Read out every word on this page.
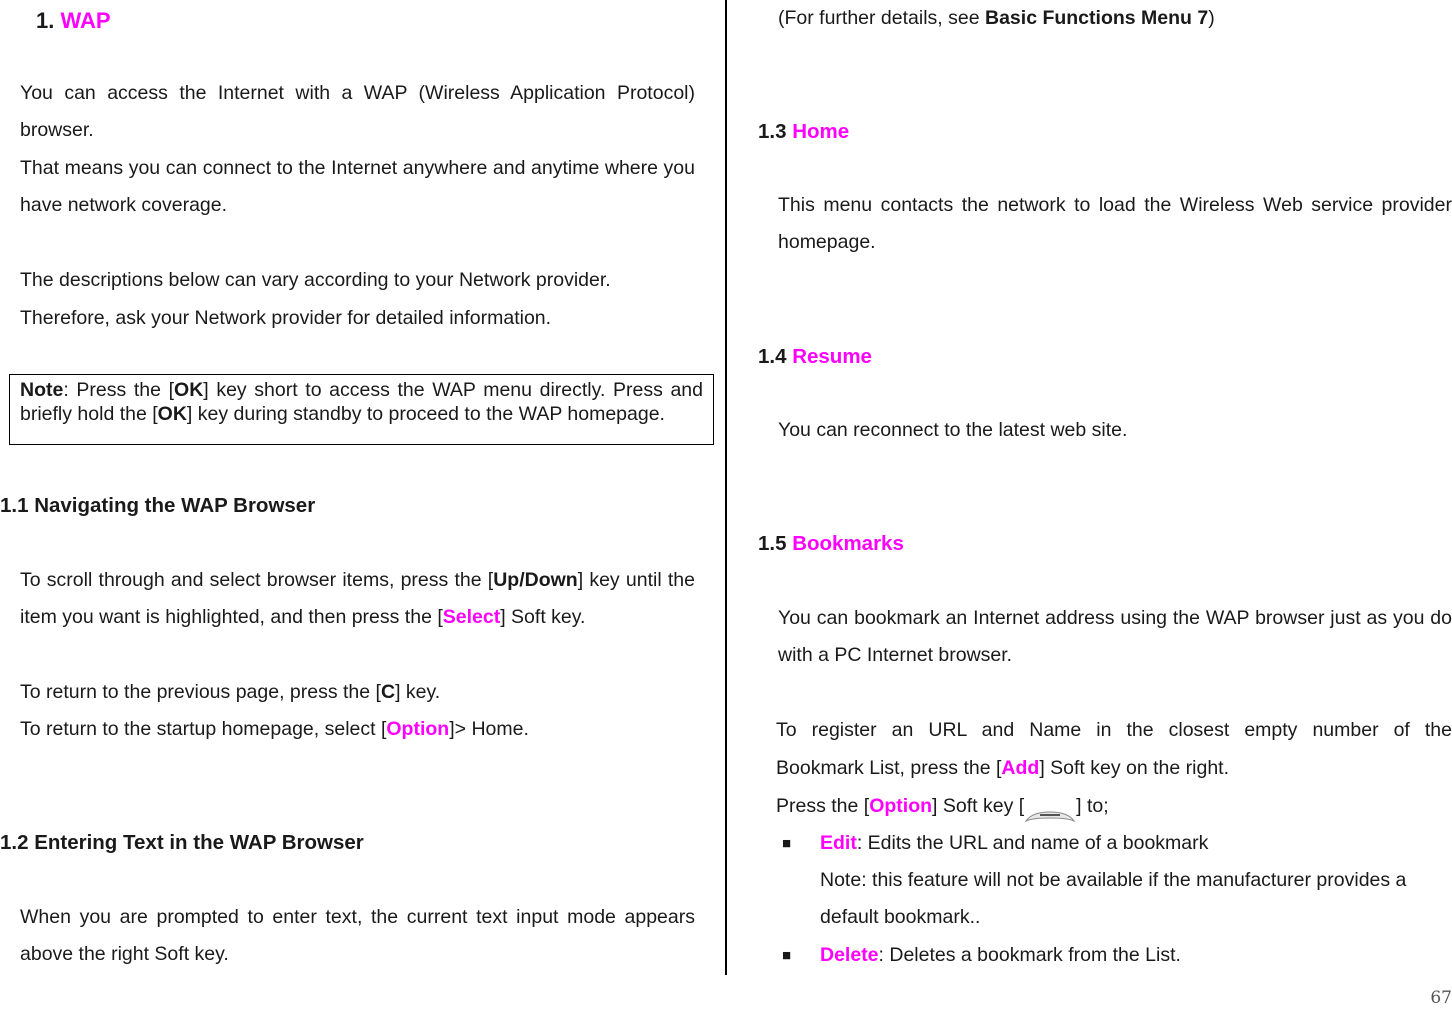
1. WAP

You can access the Internet with a WAP (Wireless Application Protocol) browser.

That means you can connect to the Internet anywhere and anytime where you have network coverage.

The descriptions below can vary according to your Network provider.

Therefore, ask your Network provider for detailed information.

Note: Press the [OK] key short to access the WAP menu directly. Press and briefly hold the [OK] key during standby to proceed to the WAP homepage.
1.1 Navigating the WAP Browser

To scroll through and select browser items, press the [Up/Down] key until the item you want is highlighted, and then press the [Select] Soft key.

To return to the previous page, press the [C] key.

To return to the startup homepage, select [Option]> Home.

1.2 Entering Text in the WAP Browser

When you are prompted to enter text, the current text input mode appears above the right Soft key.

(For further details, see Basic Functions Menu 7)

1.3 Home

This menu contacts the network to load the Wireless Web service provider homepage.

1.4 Resume

You can reconnect to the latest web site.

1.5 Bookmarks

You can bookmark an Internet address using the WAP browser just as you do with a PC Internet browser.

To register an URL and Name in the closest empty number of the

Bookmark List, press the [Add] Soft key on the right.

Press the [Option] Soft key [	] to;

■ Edit: Edits the URL and name of a bookmark

Note: this feature will not be available if the manufacturer provides a default bookmark..

■ Delete: Deletes a bookmark from the List.

67
